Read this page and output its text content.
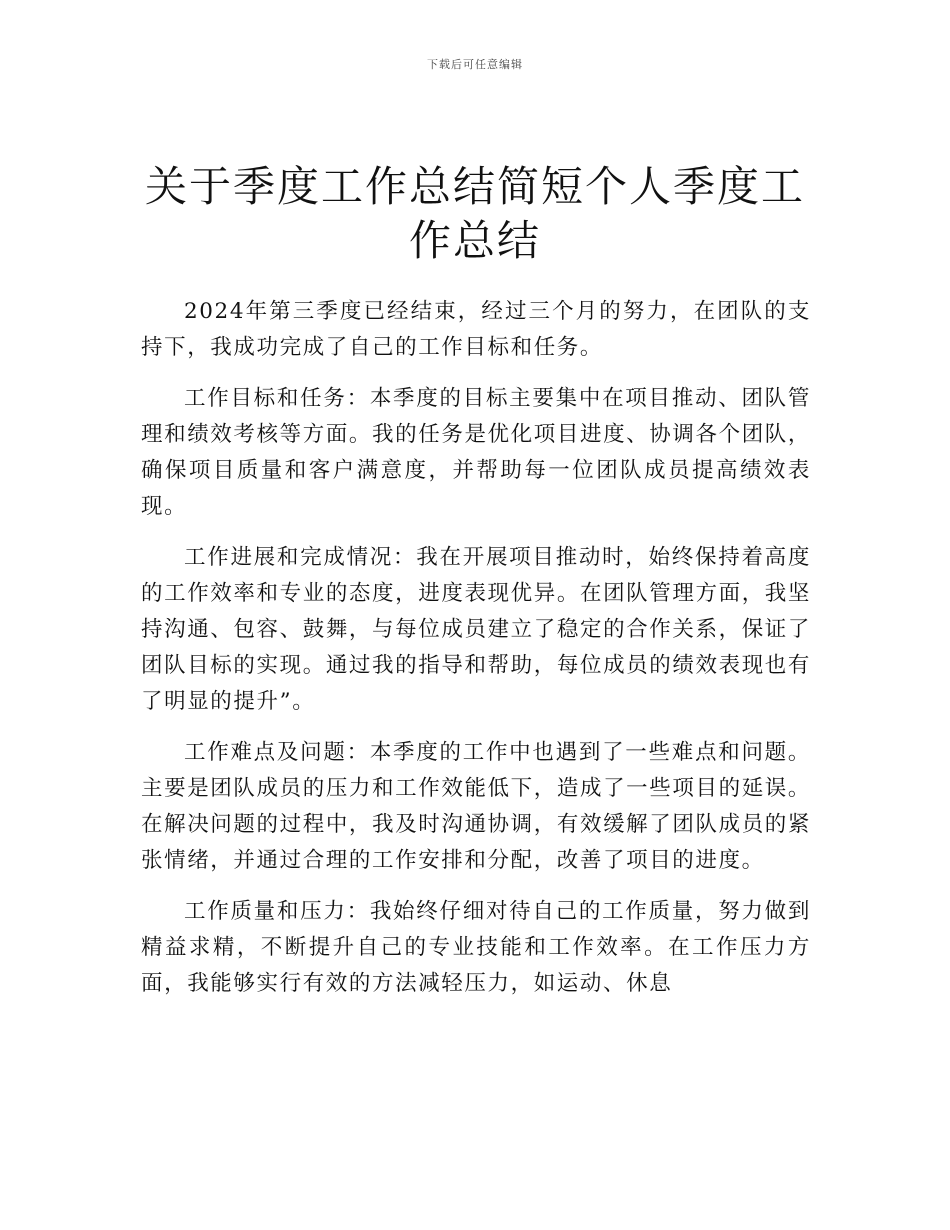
下载后可任意编辑
关于季度工作总结简短个人季度工作总结

2024年第三季度已经结束，经过三个月的努力，在团队的支持下，我成功完成了自己的工作目标和任务。

工作目标和任务：本季度的目标主要集中在项目推动、团队管理和绩效考核等方面。我的任务是优化项目进度、协调各个团队，确保项目质量和客户满意度，并帮助每一位团队成员提高绩效表现。

工作进展和完成情况：我在开展项目推动时，始终保持着高度的工作效率和专业的态度，进度表现优异。在团队管理方面，我坚持沟通、包容、鼓舞，与每位成员建立了稳定的合作关系，保证了团队目标的实现。通过我的指导和帮助，每位成员的绩效表现也有了明显的提升”。

工作难点及问题：本季度的工作中也遇到了一些难点和问题。主要是团队成员的压力和工作效能低下，造成了一些项目的延误。在解决问题的过程中，我及时沟通协调，有效缓解了团队成员的紧张情绪，并通过合理的工作安排和分配，改善了项目的进度。

工作质量和压力：我始终仔细对待自己的工作质量，努力做到精益求精，不断提升自己的专业技能和工作效率。在工作压力方面，我能够实行有效的方法减轻压力，如运动、休息
